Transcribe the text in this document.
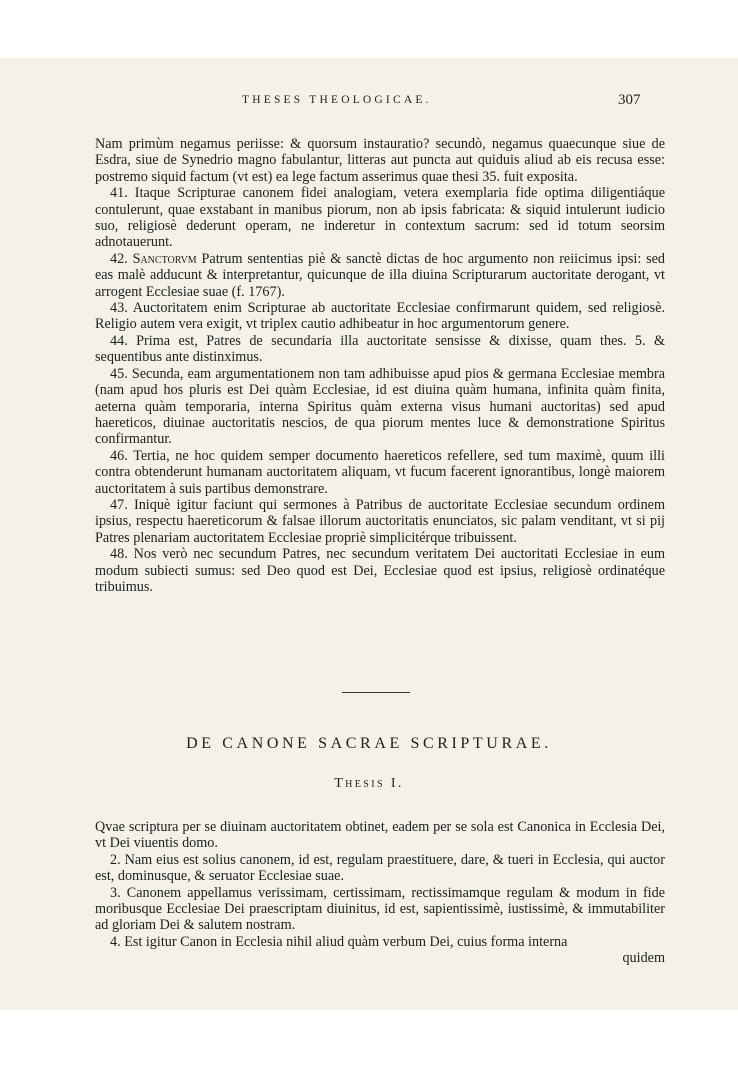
THESES THEOLOGICAE.	307

Nam primùm negamus periisse: & quorsum instauratio? secundò, negamus quaecunque siue de Esdra, siue de Synedrio magno fabulantur, litteras aut puncta aut quiduis aliud ab eis recusa esse: postremo siquid factum (vt est) ea lege factum asserimus quae thesi 35. fuit exposita.

41. Itaque Scripturae canonem fidei analogiam, vetera exemplaria fide optima diligentiáque contulerunt, quae exstabant in manibus piorum, non ab ipsis fabricata: & siquid intulerunt iudicio suo, religiosè dederunt operam, ne inderetur in contextum sacrum: sed id totum seorsim adnotauerunt.

42. Sanctorvm Patrum sententias piè & sanctè dictas de hoc argumento non reiicimus ipsi: sed eas malè adducunt & interpretantur, quicunque de illa diuina Scripturarum auctoritate derogant, vt arrogent Ecclesiae suae (f. 1767).

43. Auctoritatem enim Scripturae ab auctoritate Ecclesiae confirmarunt quidem, sed religiosè. Religio autem vera exigit, vt triplex cautio adhibeatur in hoc argumentorum genere.

44. Prima est, Patres de secundaria illa auctoritate sensisse & dixisse, quam thes. 5. & sequentibus ante distinximus.

45. Secunda, eam argumentationem non tam adhibuisse apud pios & germana Ecclesiae membra (nam apud hos pluris est Dei quàm Ecclesiae, id est diuina quàm humana, infinita quàm finita, aeterna quàm temporaria, interna Spiritus quàm externa visus humani auctoritas) sed apud haereticos, diuinae auctoritatis nescios, de qua piorum mentes luce & demonstratione Spiritus confirmantur.

46. Tertia, ne hoc quidem semper documento haereticos refellere, sed tum maximè, quum illi contra obtenderunt humanam auctoritatem aliquam, vt fucum facerent ignorantibus, longè maiorem auctoritatem à suis partibus demonstrare.

47. Iniquè igitur faciunt qui sermones à Patribus de auctoritate Ecclesiae secundum ordinem ipsius, respectu haereticorum & falsae illorum auctoritatis enunciatos, sic palam venditant, vt si pij Patres plenariam auctoritatem Ecclesiae propriè simplicitérque tribuissent.

48. Nos verò nec secundum Patres, nec secundum veritatem Dei auctoritati Ecclesiae in eum modum subiecti sumus: sed Deo quod est Dei, Ecclesiae quod est ipsius, religiosè ordinatéque tribuimus.

DE CANONE SACRAE SCRIPTURAE.
Thesis I.

Qvae scriptura per se diuinam auctoritatem obtinet, eadem per se sola est Canonica in Ecclesia Dei, vt Dei viuentis domo.

2. Nam eius est solius canonem, id est, regulam praestituere, dare, & tueri in Ecclesia, qui auctor est, dominusque, & seruator Ecclesiae suae.

3. Canonem appellamus verissimam, certissimam, rectissimamque regulam & modum in fide moribusque Ecclesiae Dei praescriptam diuinitus, id est, sapientissimè, iustissimè, & immutabiliter ad gloriam Dei & salutem nostram.

4. Est igitur Canon in Ecclesia nihil aliud quàm verbum Dei, cuius forma interna

quidem
